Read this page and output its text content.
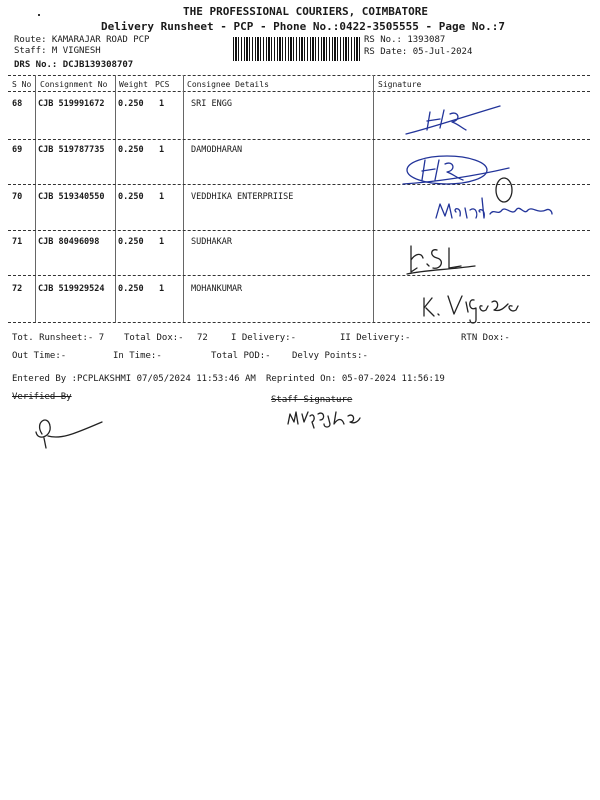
THE PROFESSIONAL COURIERS, COIMBATORE
Delivery Runsheet - PCP - Phone No.:0422-3505555 - Page No.:7
Route: KAMARAJAR ROAD PCP
Staff: M VIGNESH
DRS No.: DCJB139308707
RS No.: 1393087
RS Date: 05-Jul-2024
S No Consignment No Weight PCS Consignee Details	Signature
68 CJB 519991672 0.250 1	SRI ENGG
69 CJB 519787735 0.250 1	DAMODHARAN
70 CJB 519340550 0.250 1	VEDDHIKA ENTERPRIISE
71 CJB 80496098 0.250 1	SUDHAKAR
72 CJB 519929524 0.250 1	MOHANKUMAR
Tot. Runsheet:- 7 Total Dox:- 72	I Delivery:-	II Delivery:-	RTN Dox:-
Out Time:-	In Time:-	Total POD:- Delvy Points:-
Entered By :PCPLAKSHMI 07/05/2024 11:53:46 AM Reprinted On: 05-07-2024 11:56:19
Verified By	Staff Signature
